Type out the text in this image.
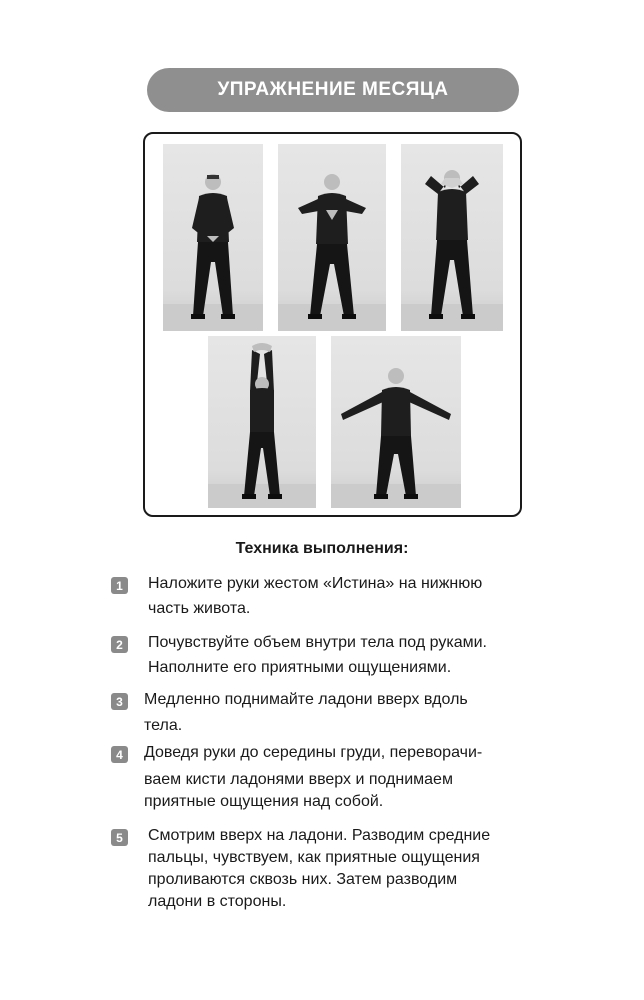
УПРАЖНЕНИЕ МЕСЯЦА
Техника выполнения:
1	Наложите руки жестом «Истина» на нижнюю
часть живота.
2	Почувствуйте объем внутри тела под руками.
Наполните его приятными ощущениями.
3	Медленно поднимайте ладони вверх вдоль
тела.
4	Доведя руки до середины груди, переворачи-
ваем кисти ладонями вверх и поднимаем
приятные ощущения над собой.
5	Смотрим вверх на ладони. Разводим средние
пальцы, чувствуем, как приятные ощущения
проливаются сквозь них. Затем разводим
ладони в стороны.
